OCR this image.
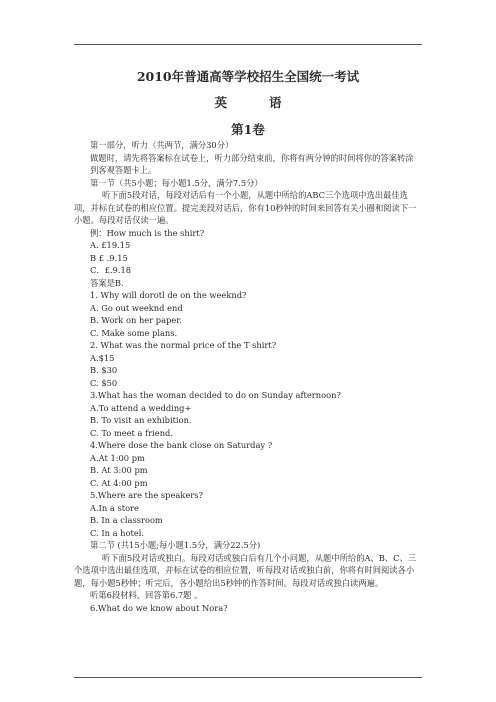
2010年普通高等学校招生全国统一考试
英	语
第1卷

第一部分，听力（共两节，满分30分）

做题时，请先将答案标在试卷上，听力部分结束前，你将有两分钟的时间将你的答案转涂到客观答题卡上。

第一节（共5小题；每小题1.5分，满分7.5分）

听下面5段对话，每段对话后有一个小题，从题中所给的ABC三个选项中选出最佳选项，并标在试卷的相应位置。提完美段对话后，你有10秒钟的时间来回答有关小圈和阅读下一小题。每段对话仅读一遍。

例：How much is the shirt?

A. £19.15

B £ .9.15

C．£.9.18

答案是B.

1. Why will dorotl de on the weeknd?

A. Go out weeknd end

B. Work on her paper.

C. Make some plans.

2. What was the normal price of the T shirt?

A.$15

B. $30

C. $50

3.What has the woman decided to do on Sunday afternoon?

A.To attend a wedding+

B. To visit an exhibition.

C. To meet a friend.

4.Where dose the bank close on Saturday ?

A.At 1:00 pm

B. At 3:00 pm

C. At 4:00 pm

5.Where are the speakers?

A.In a store

B. In a classroom

C. In a hotel.

第二节 (共15小题;每小题1.5分，满分22.5分)

听下面5段对话或独白。每段对话或独白后有几个小问题，从题中所给的A、B、C、三个选项中选出最佳选项，并标在试卷的相应位置，听每段对话或独白前，你将有时间阅读各小题，每小题5秒钟；听完后，各小题给出5秒钟的作答时间。每段对话或独白读两遍。

听第6段材料，回答第6.7题 。

6.What do we know about Nora?
